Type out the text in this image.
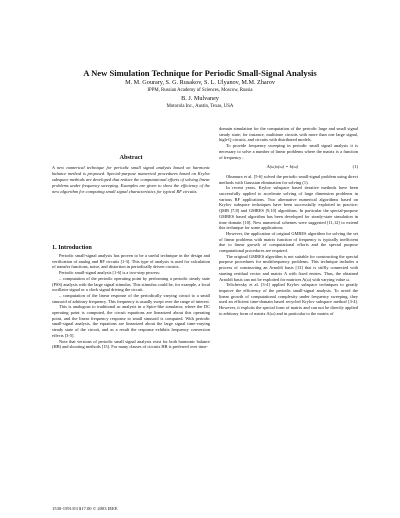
A New Simulation Technique for Periodic Small-Signal Analysis
M. M. Gourary, S. G. Rusakov, S. L. Ulyanov, M.M. Zharov
IPPM, Russian Academy of Sciences, Moscow, Russia
B. J. Mulvaney
Motorola Inc., Austin, Texas, USA
Abstract
A new numerical technique for periodic small signal analysis based on harmonic balance method is proposed. Special-purpose numerical procedures based on Krylov subspace methods are developed that reduce the computational efforts of solving linear problems under frequency sweeping. Examples are given to show the efficiency of the new algorithm for computing small signal characteristics for typical RF circuits.
1. Introduction

Periodic small-signal analysis has proven to be a useful technique in the design and verification of analog and RF circuits [1-3]. This type of analysis is used for calculation of transfer functions, noise, and distortion in periodically driven circuits.

Periodic small-signal analysis [1-6] is a two-step process:

– computation of the periodic operating point by performing a periodic steady state (PSS) analysis with the large signal stimulus. This stimulus could be, for example, a local oscillator signal or a clock signal driving the circuit.

– computation of the linear response of the periodically varying circuit to a small sinusoid of arbitrary frequency. This frequency is usually swept over the range of interest.

This is analogous to traditional ac analysis in a Spice-like simulator, where the DC operating point is computed, the circuit equations are linearized about this operating point, and the linear frequency response to small sinusoid is computed. With periodic small-signal analysis, the equations are linearized about the large signal time-varying steady state of the circuit, and as a result the response exhibits frequency conversion effects [3-5].

Note that versions of periodic small signal analysis exist for both harmonic balance (HB) and shooting methods [15]. For many classes of circuits HB is preferred over time-

domain simulation for the computation of the periodic large and small signal steady state; for instance, multitone circuits with more than one large signal, high-Q circuits, and circuits with distributed models.

To provide frequency sweeping in periodic small signal analysis it is necessary to solve a number of linear problems where the matrix is a function of frequency :

A(ω)x(ω) = b(ω)	(1)

Okumura et al. [5-6] solved the periodic small-signal problem using direct methods with Gaussian elimination for solving (1).

In recent years, Krylov subspace based iterative methods have been successfully applied to accelerate solving of large dimension problems in various RF applications. Two alternative numerical algorithms based on Krylov subspace techniques have been successfully exploited in practice: QMR [7,8] and GMRES [9,10] algorithms. In particular the special-purpose GMRES based algorithm has been developed for steady-state simulation in time domain [10]. New numerical schemes were suggested [11,12] to extend this technique for some applications.

However, the application of original GMRES algorithm for solving the set of linear problems with matrix function of frequency is typically inefficient due to linear growth of computational efforts and the special purpose computational procedures are required.

The original GMRES algorithm is not suitable for constructing the special purpose procedures for multifrequency problems. This technique includes a process of constructing an Arnoldi basis [13] that is stiffly connected with starting residual vector and matrix A with fixed entries. Thus, the obtained Arnoldi basis can not be exploited for matrices A(ω) with varying value ω.

Telichevsky et al. [3-4] applied Krylov subspace techniques to greatly improve the efficiency of the periodic small-signal analysis. To avoid the linear growth of computational complexity under frequency sweeping, they used an efficient time-domain based recycled Krylov subspace method [3-4]. However, it exploits the special form of matrix and can not be directly applied to arbitrary form of matrix A(ω) and in particular to the matrix of

1530-1591/03 $17.00 © 2003 IEEE
